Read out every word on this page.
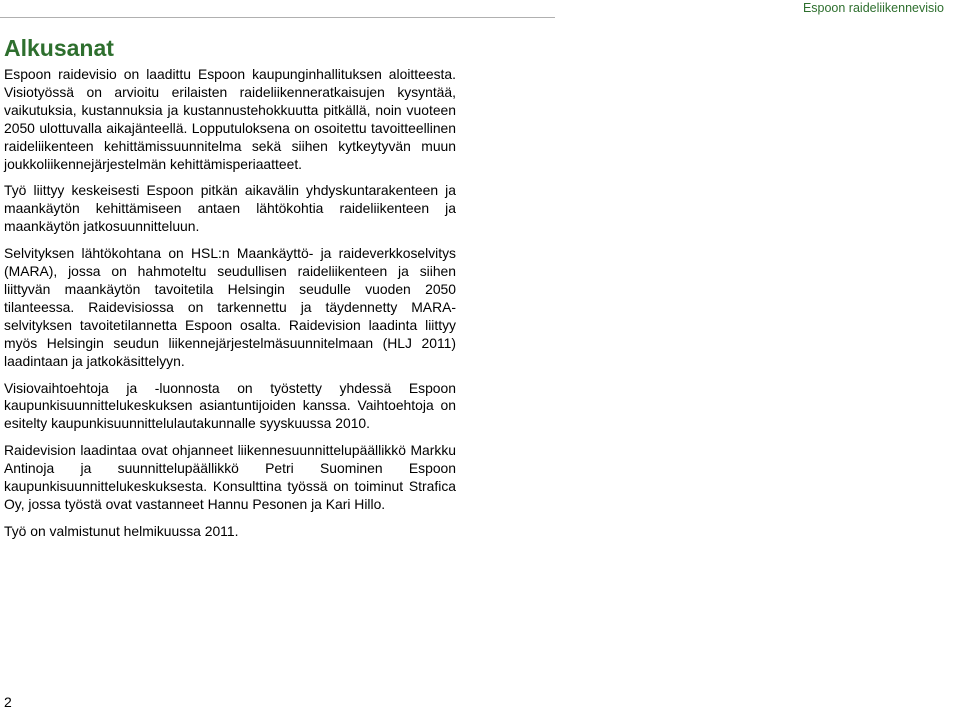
Espoon raideliikennevisio
Alkusanat

Espoon raidevisio on laadittu Espoon kaupunginhallituksen aloitteesta. Visiotyössä on arvioitu erilaisten raideliikenneratkaisujen kysyntää, vaikutuksia, kustannuksia ja kustannustehokkuutta pitkällä, noin vuoteen 2050 ulottuvalla aikajänteellä. Lopputuloksena on osoitettu tavoitteellinen raideliikenteen kehittämissuunnitelma sekä siihen kytkeytyvän muun joukkoliikennejärjestelmän kehittämisperiaatteet.

Työ liittyy keskeisesti Espoon pitkän aikavälin yhdyskuntarakenteen ja maankäytön kehittämiseen antaen lähtökohtia raideliikenteen ja maankäytön jatkosuunnitteluun.

Selvityksen lähtökohtana on HSL:n Maankäyttö- ja raideverkkoselvitys (MARA), jossa on hahmoteltu seudullisen raideliikenteen ja siihen liittyvän maankäytön tavoitetila Helsingin seudulle vuoden 2050 tilanteessa. Raidevisiossa on tarkennettu ja täydennetty MARA-selvityksen tavoitetilannetta Espoon osalta. Raidevision laadinta liittyy myös Helsingin seudun liikennejärjestelmäsuunnitelmaan (HLJ 2011) laadintaan ja jatkokäsittelyyn.

Visiovaihtoehtoja ja -luonnosta on työstetty yhdessä Espoon kaupunkisuunnittelukeskuksen asiantuntijoiden kanssa. Vaihtoehtoja on esitelty kaupunkisuunnittelulautakunnalle syyskuussa 2010.

Raidevision laadintaa ovat ohjanneet liikennesuunnittelupäällikkö Markku Antinoja ja suunnittelupäällikkö Petri Suominen Espoon kaupunkisuunnittelukeskuksesta. Konsulttina työssä on toiminut Strafica Oy, jossa työstä ovat vastanneet Hannu Pesonen ja Kari Hillo.

Työ on valmistunut helmikuussa 2011.

2
